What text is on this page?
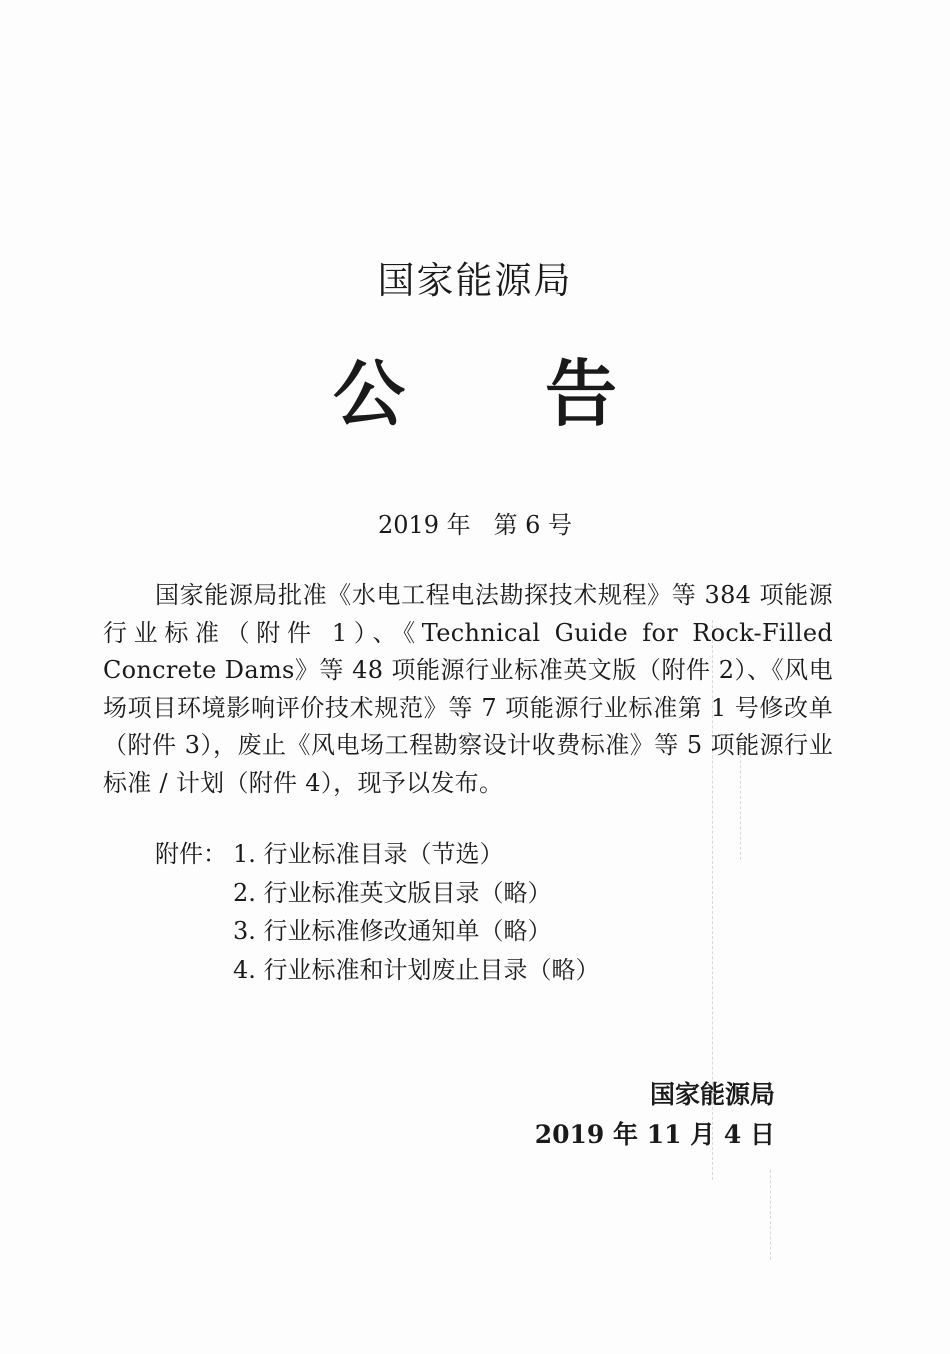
国家能源局
公 告
2019 年   第 6 号
国家能源局批准《水电工程电法勘探技术规程》等 384 项能源行业标准（附件 1）、《Technical Guide for Rock-Filled Concrete Dams》等 48 项能源行业标准英文版（附件 2）、《风电场项目环境影响评价技术规范》等 7 项能源行业标准第 1 号修改单（附件 3），废止《风电场工程勘察设计收费标准》等 5 项能源行业标准 / 计划（附件 4），现予以发布。
附件： 1. 行业标准目录（节选）
2. 行业标准英文版目录（略）
3. 行业标准修改通知单（略）
4. 行业标准和计划废止目录（略）
国家能源局
2019 年 11 月 4 日
